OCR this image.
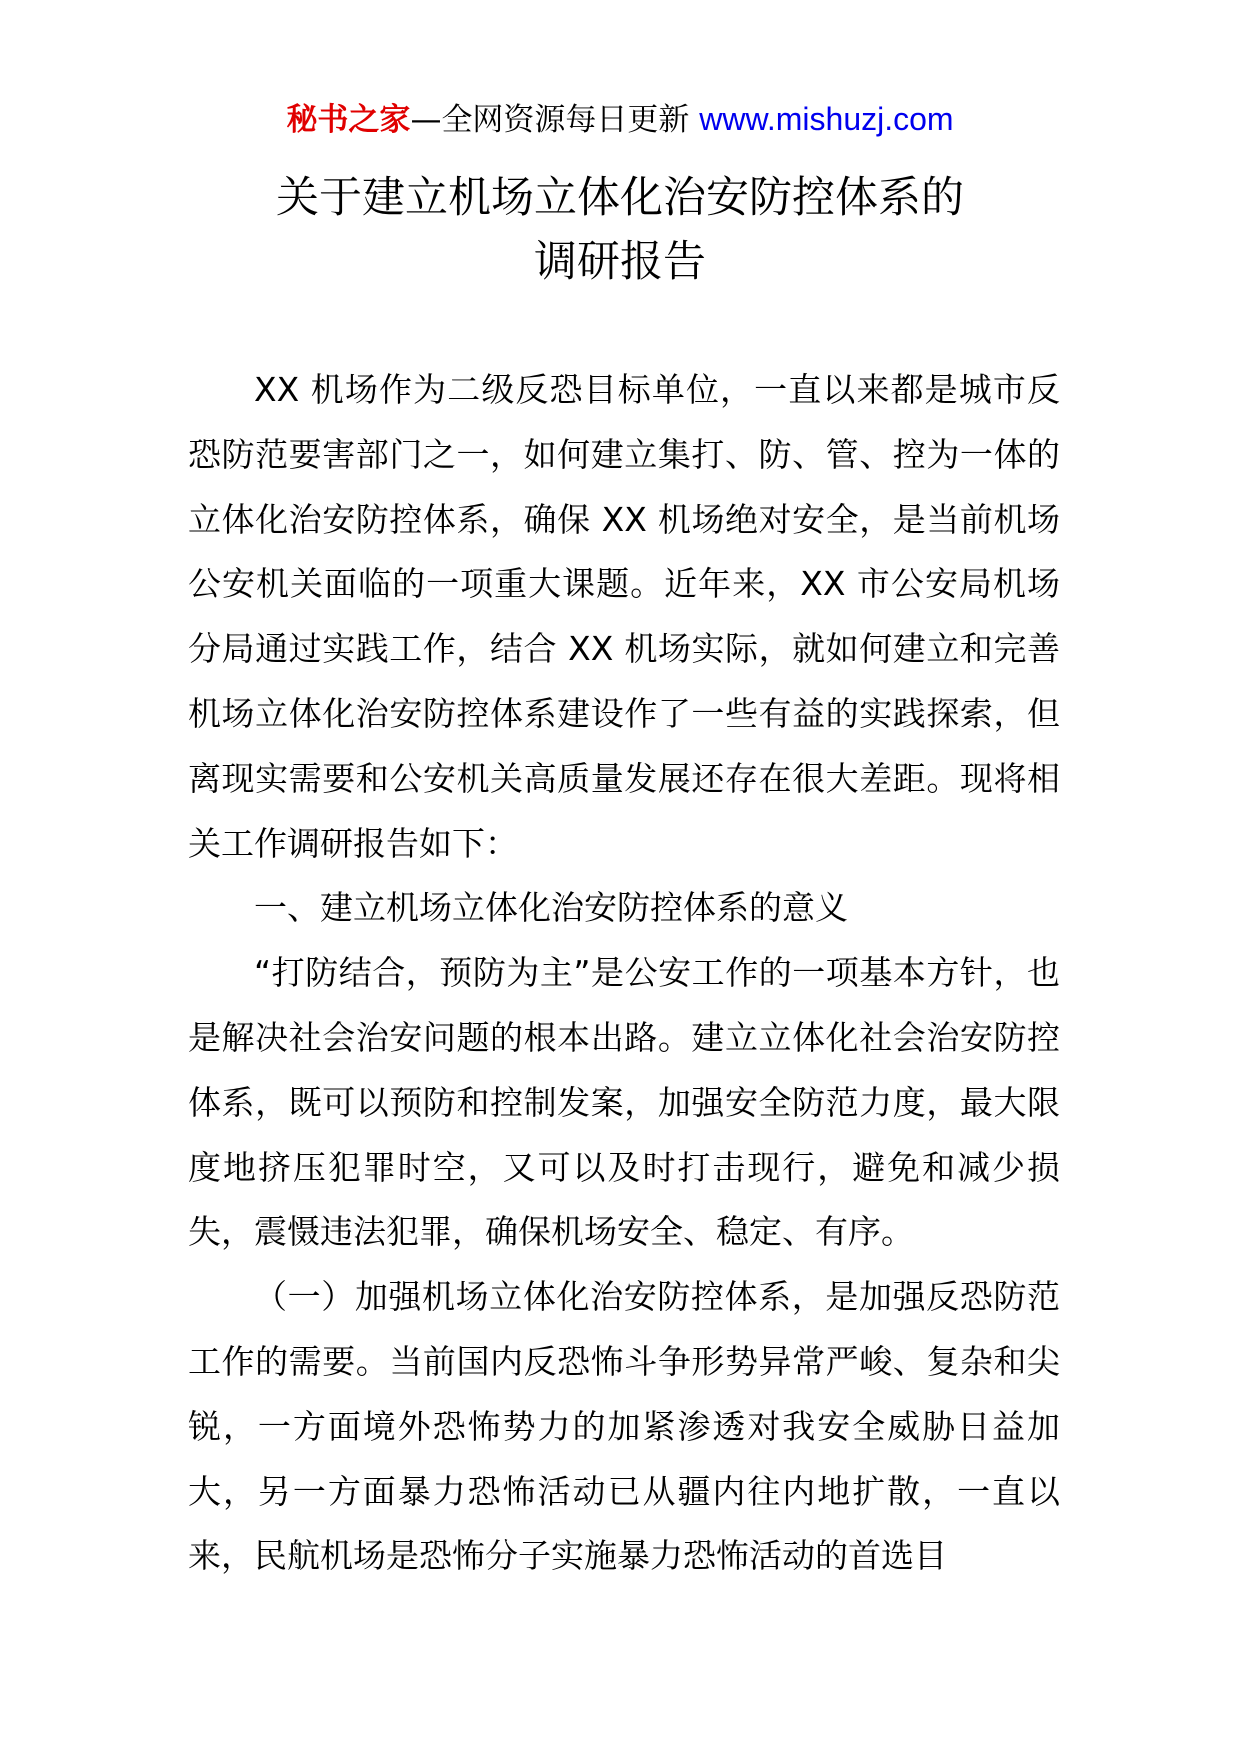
秘书之家—全网资源每日更新 www.mishuzj.com
关于建立机场立体化治安防控体系的
调研报告

XX 机场作为二级反恐目标单位，一直以来都是城市反恐防范要害部门之一，如何建立集打、防、管、控为一体的立体化治安防控体系，确保 XX 机场绝对安全，是当前机场公安机关面临的一项重大课题。近年来，XX 市公安局机场分局通过实践工作，结合 XX 机场实际，就如何建立和完善机场立体化治安防控体系建设作了一些有益的实践探索，但离现实需要和公安机关高质量发展还存在很大差距。现将相关工作调研报告如下：

一、建立机场立体化治安防控体系的意义

“打防结合，预防为主”是公安工作的一项基本方针，也是解决社会治安问题的根本出路。建立立体化社会治安防控体系，既可以预防和控制发案，加强安全防范力度，最大限度地挤压犯罪时空，又可以及时打击现行，避免和减少损失，震慑违法犯罪，确保机场安全、稳定、有序。

（一）加强机场立体化治安防控体系，是加强反恐防范工作的需要。当前国内反恐怖斗争形势异常严峻、复杂和尖锐，一方面境外恐怖势力的加紧渗透对我安全威胁日益加大，另一方面暴力恐怖活动已从疆内往内地扩散，一直以来，民航机场是恐怖分子实施暴力恐怖活动的首选目
